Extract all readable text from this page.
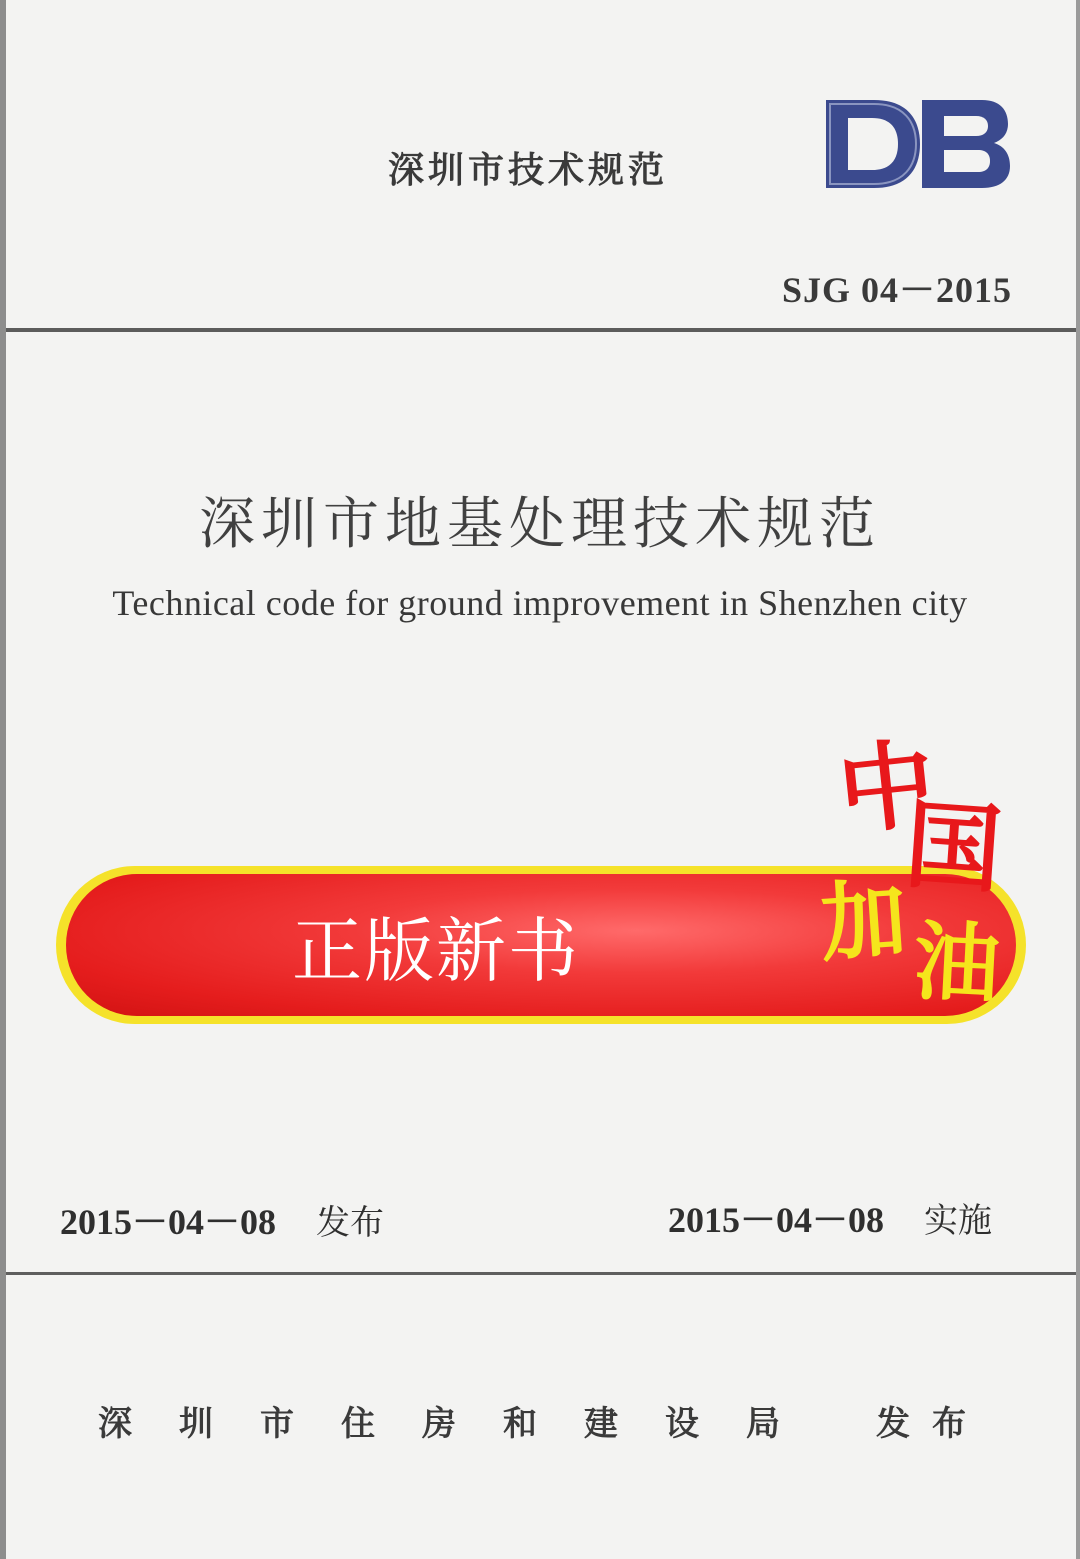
深圳市技术规范
SJG 04－2015
深圳市地基处理技术规范
Technical code for ground improvement in Shenzhen city
正版新书
中
国
加 油
2015－04－08 发布	2015－04－08 实施
深圳市住房和建设局 发布
